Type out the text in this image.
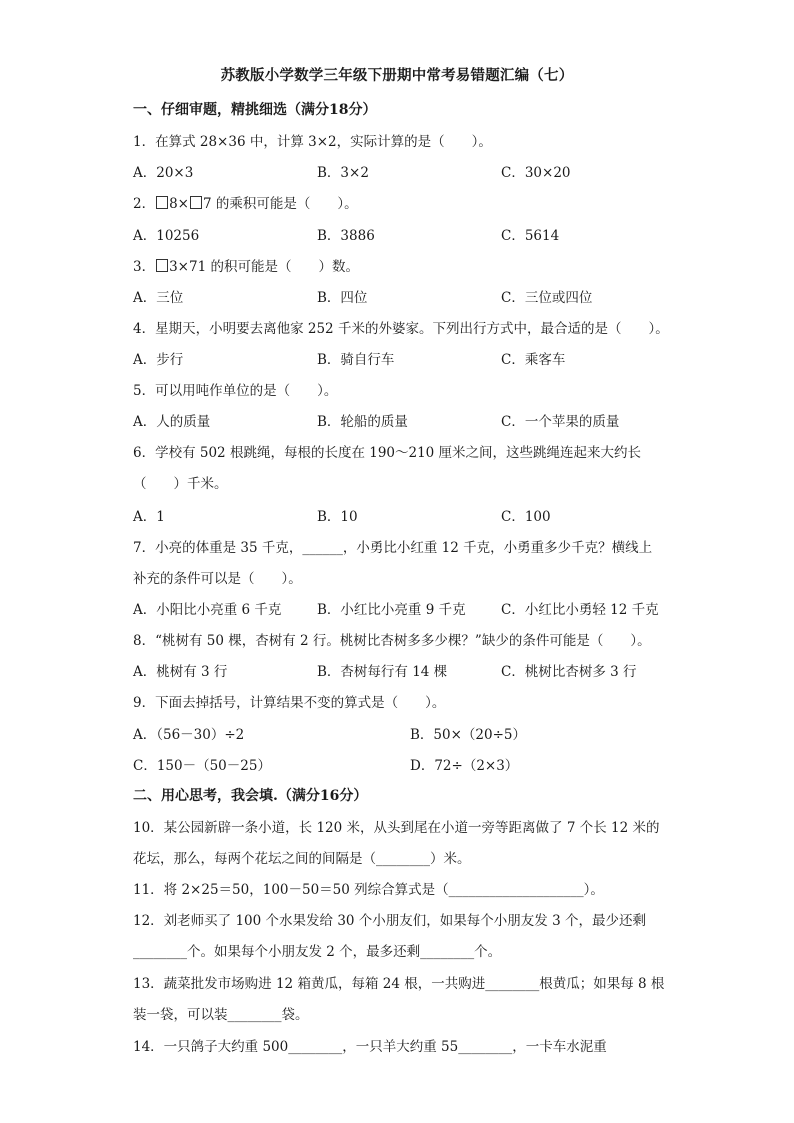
苏教版小学数学三年级下册期中常考易错题汇编（七）
一、仔细审题，精挑细选（满分18分）
1．在算式 28×36 中，计算 3×2，实际计算的是（　　）。
A．20×3	B．3×2	C．30×20
2． 8× 7 的乘积可能是（　　）。
A．10256	B．3886	C．5614
3． 3×71 的积可能是（　　）数。
A．三位	B．四位	C．三位或四位
4．星期天，小明要去离他家 252 千米的外婆家。下列出行方式中，最合适的是（　　）。
A．步行	B．骑自行车	C．乘客车
5．可以用吨作单位的是（　　）。
A．人的质量	B．轮船的质量	C．一个苹果的质量
6．学校有 502 根跳绳，每根的长度在 190～210 厘米之间，这些跳绳连起来大约长
（　　）千米。
A．1	B．10	C．100
7．小亮的体重是 35 千克，______，小勇比小红重 12 千克，小勇重多少千克？横线上
补充的条件可以是（　　）。
A．小阳比小亮重 6 千克	B．小红比小亮重 9 千克	C．小红比小勇轻 12 千克
8．“桃树有 50 棵，杏树有 2 行。桃树比杏树多多少棵？”缺少的条件可能是（　　）。
A．桃树有 3 行	B．杏树每行有 14 棵	C．桃树比杏树多 3 行
9．下面去掉括号，计算结果不变的算式是（　　）。
A．（56－30）÷2	B．50×（20÷5）
C．150－（50－25）	D．72÷（2×3）
二、用心思考，我会填.（满分16分）
10．某公园新辟一条小道，长 120 米，从头到尾在小道一旁等距离做了 7 个长 12 米的
花坛，那么，每两个花坛之间的间隔是（________）米。
11．将 2×25＝50，100－50＝50 列综合算式是（____________________）。
12．刘老师买了 100 个水果发给 30 个小朋友们，如果每个小朋友发 3 个，最少还剩
________个。如果每个小朋友发 2 个，最多还剩________个。
13．蔬菜批发市场购进 12 箱黄瓜，每箱 24 根，一共购进________根黄瓜；如果每 8 根
装一袋，可以装________袋。
14．一只鸽子大约重 500________，一只羊大约重 55________，一卡车水泥重
